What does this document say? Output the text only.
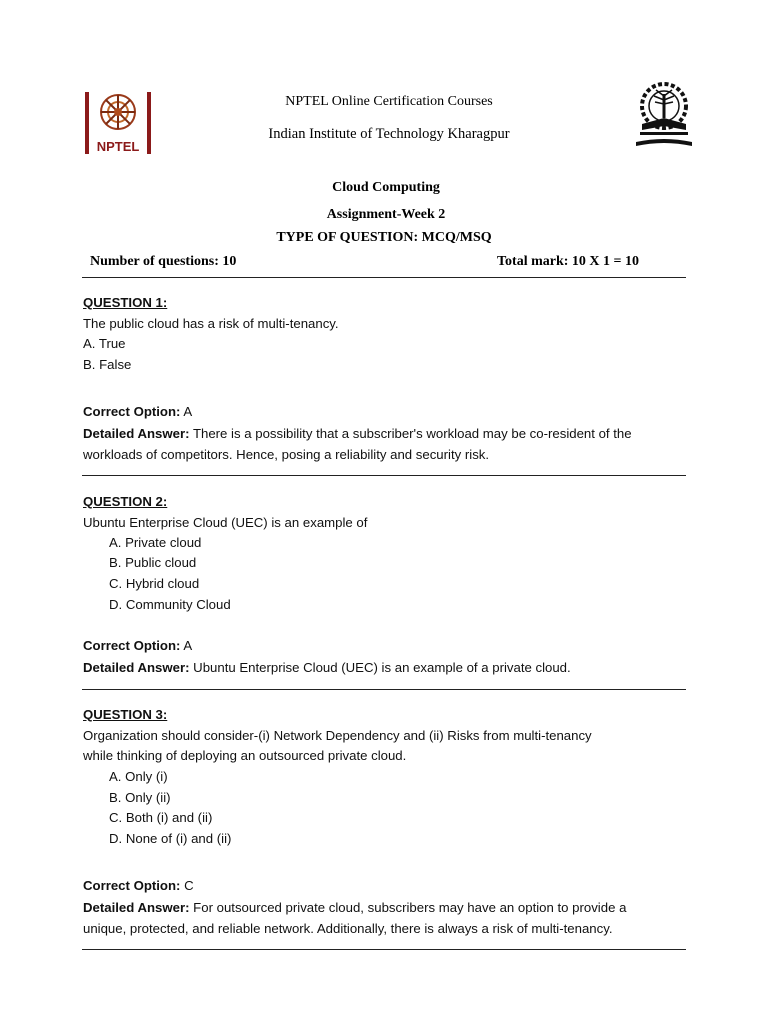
NPTEL
NPTEL Online Certification Courses
Indian Institute of Technology Kharagpur
Cloud Computing
Assignment-Week 2
TYPE OF QUESTION: MCQ/MSQ
Number of questions: 10	Total mark: 10 X 1 = 10
QUESTION 1:
The public cloud has a risk of multi-tenancy.
A. True
B. False
Correct Option: A
Detailed Answer: There is a possibility that a subscriber's workload may be co-resident of the
workloads of competitors. Hence, posing a reliability and security risk.
QUESTION 2:
Ubuntu Enterprise Cloud (UEC) is an example of
A. Private cloud
B. Public cloud
C. Hybrid cloud
D. Community Cloud
Correct Option: A
Detailed Answer: Ubuntu Enterprise Cloud (UEC) is an example of a private cloud.
QUESTION 3:
Organization should consider-(i) Network Dependency and (ii) Risks from multi-tenancy
while thinking of deploying an outsourced private cloud.
A. Only (i)
B. Only (ii)
C. Both (i) and (ii)
D. None of (i) and (ii)
Correct Option: C
Detailed Answer: For outsourced private cloud, subscribers may have an option to provide a
unique, protected, and reliable network. Additionally, there is always a risk of multi-tenancy.
